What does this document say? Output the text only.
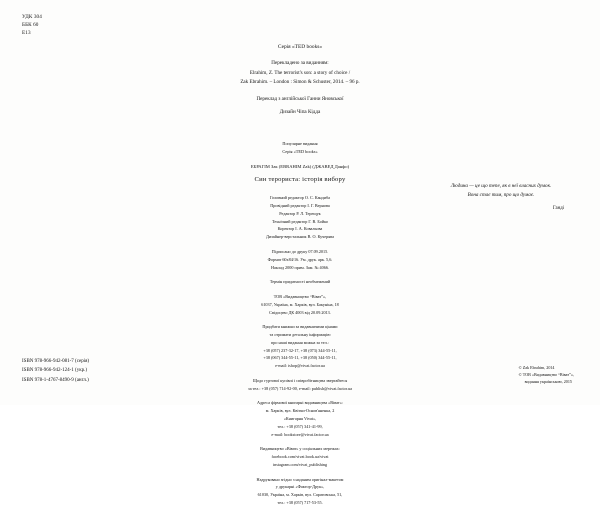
УДК 304
ББК 60
Е13
Серія «TED books»
Перекладено за виданням:
Elrahim, Z. The terrorist's son: a story of choice /
Zak Ebrahim. – London : Simon & Schuster, 2014. – 96 p.
Переклад з англійської Ганни Яновської
Дизайн Чіпа Кідда
Популярне видання
Серія «TED books»
ЕБРАГІМ Зак (ЕBRAHIM Zak) (ДЖАВЕД Данфо)
Син терориста: історія вибору
Головний редактор О. С. Кандиба
Провідний редактор І. Г. Вернова
Редактор Р. Л. Терещук
Технічний редактор Г. В. Бойко
Коректор І. А. Ковальова
Дизайнер-верстальник В. О. Кучерява
Підписано до друку 07.09.2015.
Формат 60х84/16. Ум. друк. арк. 5,6.
Наклад 2000 прим. Зам. № 4066.
Термін придатності необмежений
ТОВ «Видавництво “Віват”»,
61037, Україна, м. Харків, вул. Бакуніна, 18
Свідоцтво ДК 4003 від 20.09.2013.
Придбати книжки за видавничими цінами
та отримати детальну інформацію
про наші видання можна за тел.:
+38 (057) 237-32-17, +38 (073) 344-55-11,
+38 (067) 344-55-11, +38 (050) 344-55-11,
e-mail: ishop@vivat.factor.ua
Щодо гуртової купівлі і співробітництва звертайтеся
за тел.: +38 (057) 714-92-00, e-mail: publish@vivat.factor.ua
Адреса фірмової книгарні видавництва «Віват»:
м. Харків, вул. Квітки-Основ'яненка, 2
«Книгарня Vivat»,
тел.: +38 (057) 341-41-99,
e-mail: bookstore@vivat.factor.ua
Видавництво «Віват» у соціальних мережах:
facebook.com/vivat.book.ua/vivat
instagram.com/vivat_publishing
Надруковано згідно з наданим оригінал-макетом
у друкарні «Фактор-Друк»,
61030, Україна, м. Харків, вул. Саратовська, 51,
тел.: +38 (057) 717-53-55.
Людина — це що тепе, як в неї власних думок.
Вона стає тим, про що думає.
Ганді
ISBN 978-966-942-081-7 (серія)
ISBN 978-966-942-124-1 (укр.)
ISBN 978-1-4767-8490-9 (англ.)
© Zak Ebrahim, 2014
© ТОВ «Видавництво “Віват”»,
видання українською, 2015
